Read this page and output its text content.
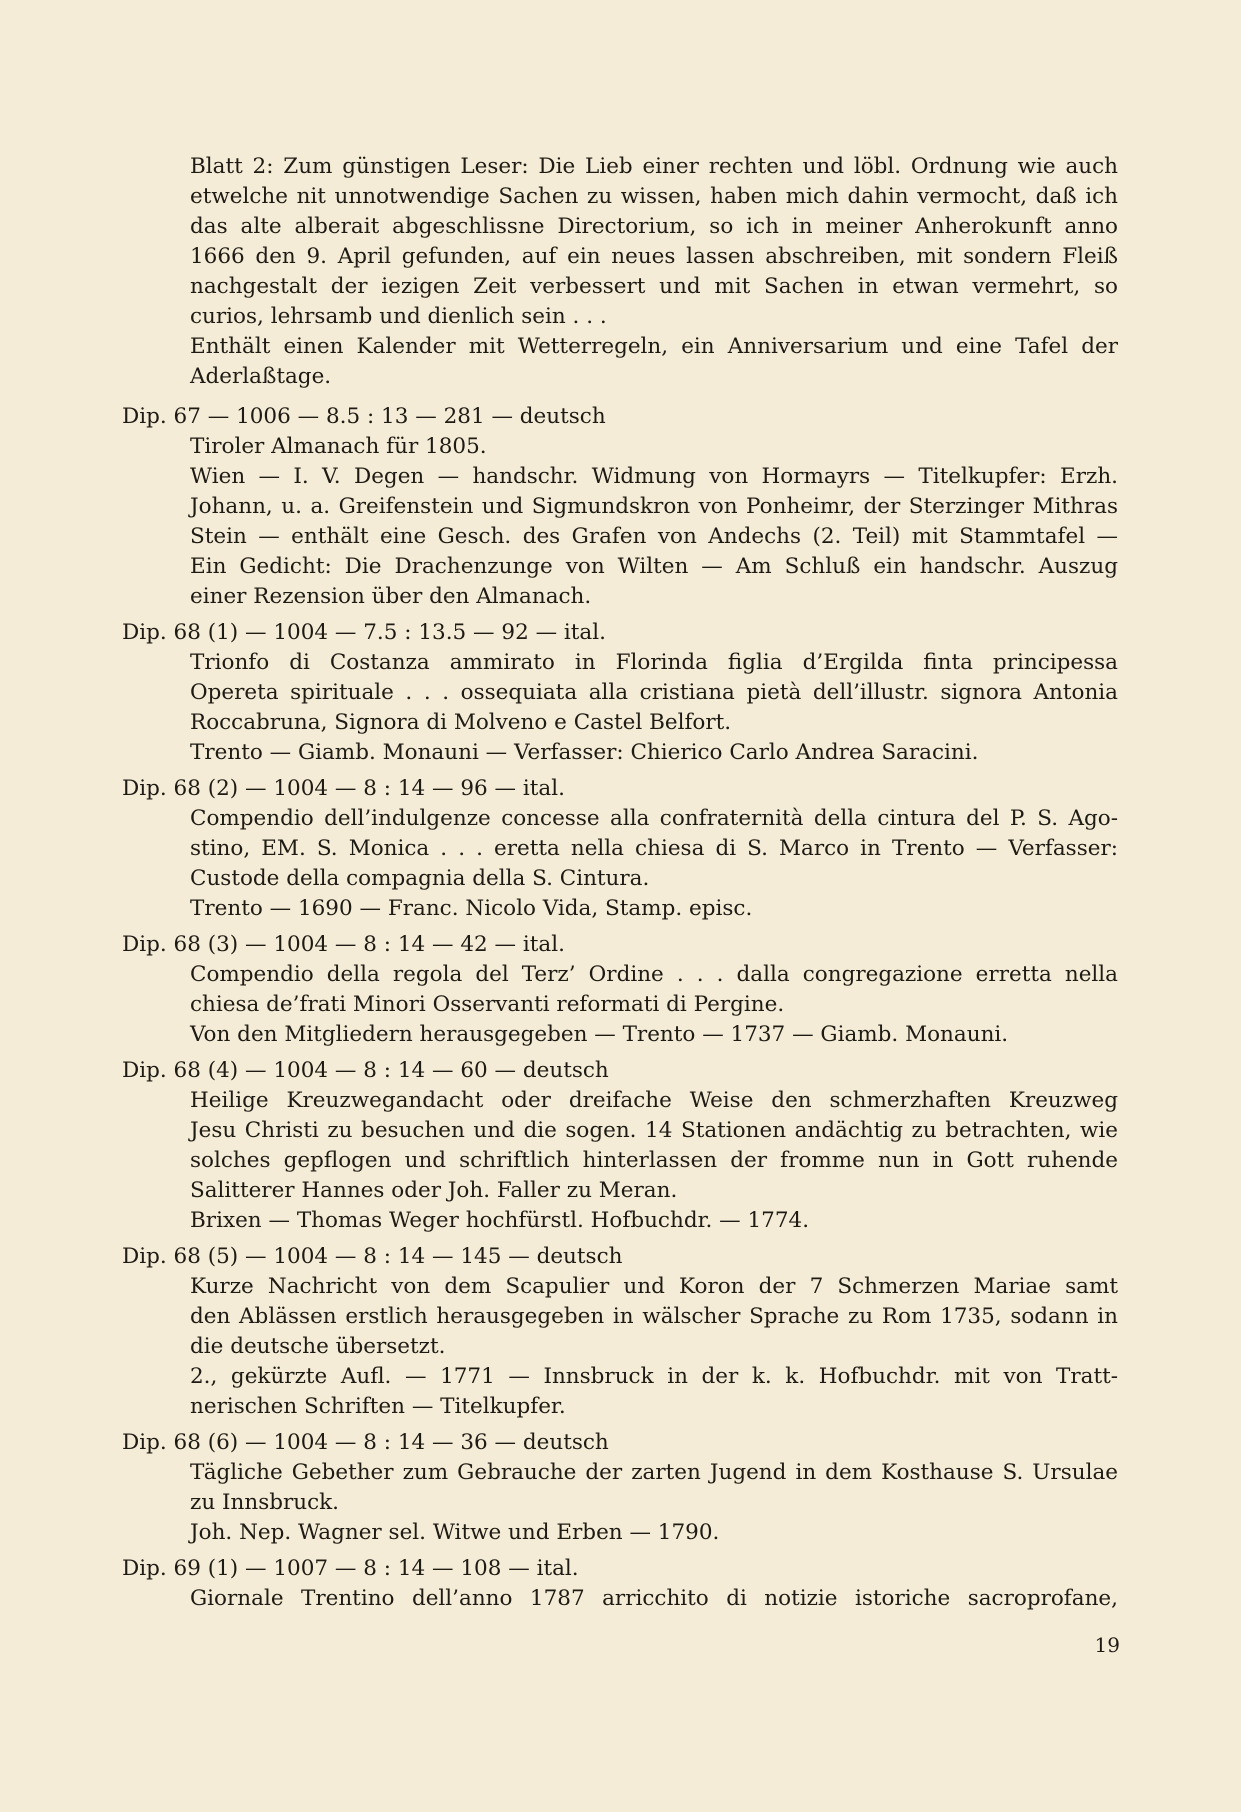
Blatt 2: Zum günstigen Leser: Die Lieb einer rechten und löbl. Ordnung wie auch
etwelche nit unnotwendige Sachen zu wissen, haben mich dahin vermocht, daß ich
das alte alberait abgeschlissne Directorium, so ich in meiner Anherokunft anno
1666 den 9. April gefunden, auf ein neues lassen abschreiben, mit sondern Fleiß
nachgestalt der iezigen Zeit verbessert und mit Sachen in etwan vermehrt, so
curios, lehrsamb und dienlich sein . . .
Enthält einen Kalender mit Wetterregeln, ein Anniversarium und eine Tafel der
Aderlaßtage.
Dip. 67 — 1006 — 8.5 : 13 — 281 — deutsch
Tiroler Almanach für 1805.
Wien — I. V. Degen — handschr. Widmung von Hormayrs — Titelkupfer: Erzh.
Johann, u. a. Greifenstein und Sigmundskron von Ponheimr, der Sterzinger Mithras
Stein — enthält eine Gesch. des Grafen von Andechs (2. Teil) mit Stammtafel —
Ein Gedicht: Die Drachenzunge von Wilten — Am Schluß ein handschr. Auszug
einer Rezension über den Almanach.
Dip. 68 (1) — 1004 — 7.5 : 13.5 — 92 — ital.
Trionfo di Costanza ammirato in Florinda figlia d’Ergilda finta principessa
Opereta spirituale . . . ossequiata alla cristiana pietà dell’illustr. signora Antonia
Roccabruna, Signora di Molveno e Castel Belfort.
Trento — Giamb. Monauni — Verfasser: Chierico Carlo Andrea Saracini.
Dip. 68 (2) — 1004 — 8 : 14 — 96 — ital.
Compendio dell’indulgenze concesse alla confraternità della cintura del P. S. Ago-
stino, EM. S. Monica . . . eretta nella chiesa di S. Marco in Trento — Verfasser:
Custode della compagnia della S. Cintura.
Trento — 1690 — Franc. Nicolo Vida, Stamp. episc.
Dip. 68 (3) — 1004 — 8 : 14 — 42 — ital.
Compendio della regola del Terz’ Ordine . . . dalla congregazione erretta nella
chiesa de’frati Minori Osservanti reformati di Pergine.
Von den Mitgliedern herausgegeben — Trento — 1737 — Giamb. Monauni.
Dip. 68 (4) — 1004 — 8 : 14 — 60 — deutsch
Heilige Kreuzwegandacht oder dreifache Weise den schmerzhaften Kreuzweg
Jesu Christi zu besuchen und die sogen. 14 Stationen andächtig zu betrachten, wie
solches gepflogen und schriftlich hinterlassen der fromme nun in Gott ruhende
Salitterer Hannes oder Joh. Faller zu Meran.
Brixen — Thomas Weger hochfürstl. Hofbuchdr. — 1774.
Dip. 68 (5) — 1004 — 8 : 14 — 145 — deutsch
Kurze Nachricht von dem Scapulier und Koron der 7 Schmerzen Mariae samt
den Ablässen erstlich herausgegeben in wälscher Sprache zu Rom 1735, sodann in
die deutsche übersetzt.
2., gekürzte Aufl. — 1771 — Innsbruck in der k. k. Hofbuchdr. mit von Tratt-
nerischen Schriften — Titelkupfer.
Dip. 68 (6) — 1004 — 8 : 14 — 36 — deutsch
Tägliche Gebether zum Gebrauche der zarten Jugend in dem Kosthause S. Ursulae
zu Innsbruck.
Joh. Nep. Wagner sel. Witwe und Erben — 1790.
Dip. 69 (1) — 1007 — 8 : 14 — 108 — ital.
Giornale Trentino dell’anno 1787 arricchito di notizie istoriche sacroprofane,
19
